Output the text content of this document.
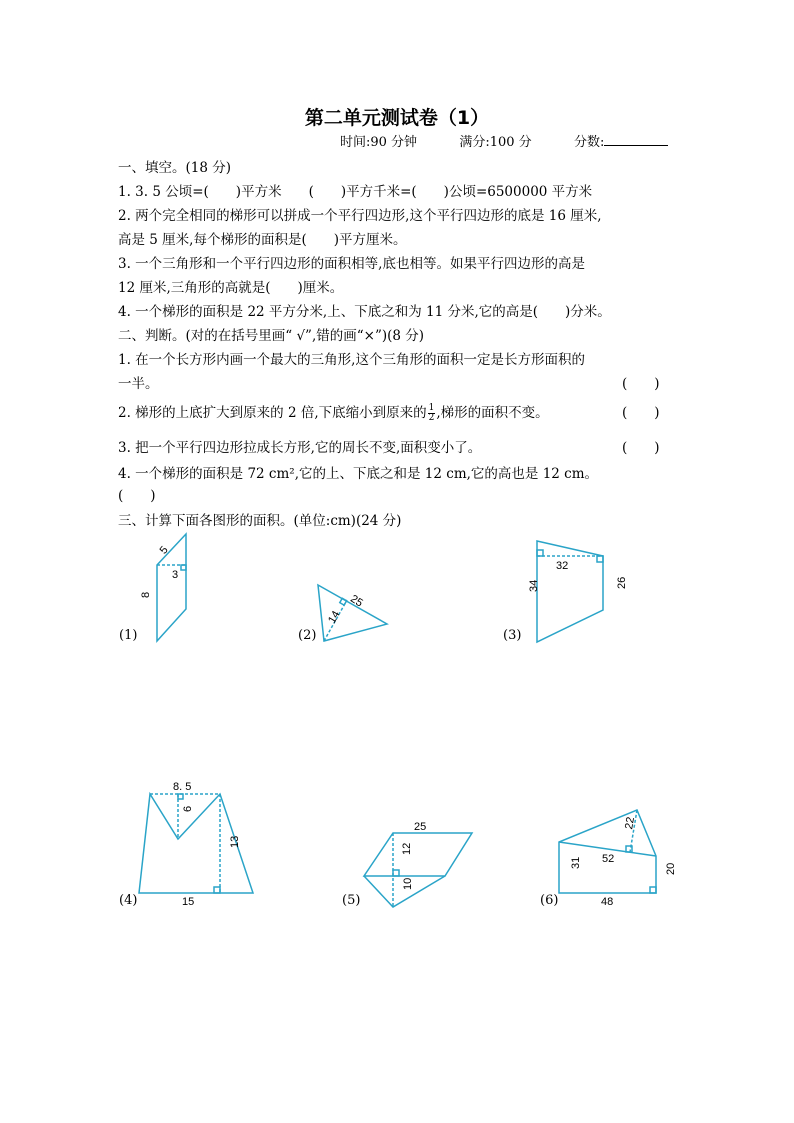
第二单元测试卷（1）
时间:90 分钟	满分:100 分	分数:
一、填空。(18 分)
1. 3. 5 公顷=(　　)平方米　　(　　)平方千米=(　　)公顷=6500000 平方米
2. 两个完全相同的梯形可以拼成一个平行四边形,这个平行四边形的底是 16 厘米,
高是 5 厘米,每个梯形的面积是(　　)平方厘米。
3. 一个三角形和一个平行四边形的面积相等,底也相等。如果平行四边形的高是
12 厘米,三角形的高就是(　　)厘米。
4. 一个梯形的面积是 22 平方分米,上、下底之和为 11 分米,它的高是(　　)分米。
二、判断。(对的在括号里画“ √”,错的画“×”)(8 分)
1. 在一个长方形内画一个最大的三角形,这个三角形的面积一定是长方形面积的
一半。	(　　)
2. 梯形的上底扩大到原来的 2 倍,下底缩小到原来的 $\frac{1}{2}$ ,梯形的面积不变。	(　　)
3. 把一个平行四边形拉成长方形,它的周长不变,面积变小了。	(　　)
4. 一个梯形的面积是 72 cm²,它的上、下底之和是 12 cm,它的高也是 12 cm。
(　　)
三、计算下面各图形的面积。(单位:cm)(24 分)
(1)	(2)	(3)
(4)	(5)	(6)
5
3
8	25
14
32
34	26
8. 5
6
13
15
25
12
10
22
52
31	20
48
